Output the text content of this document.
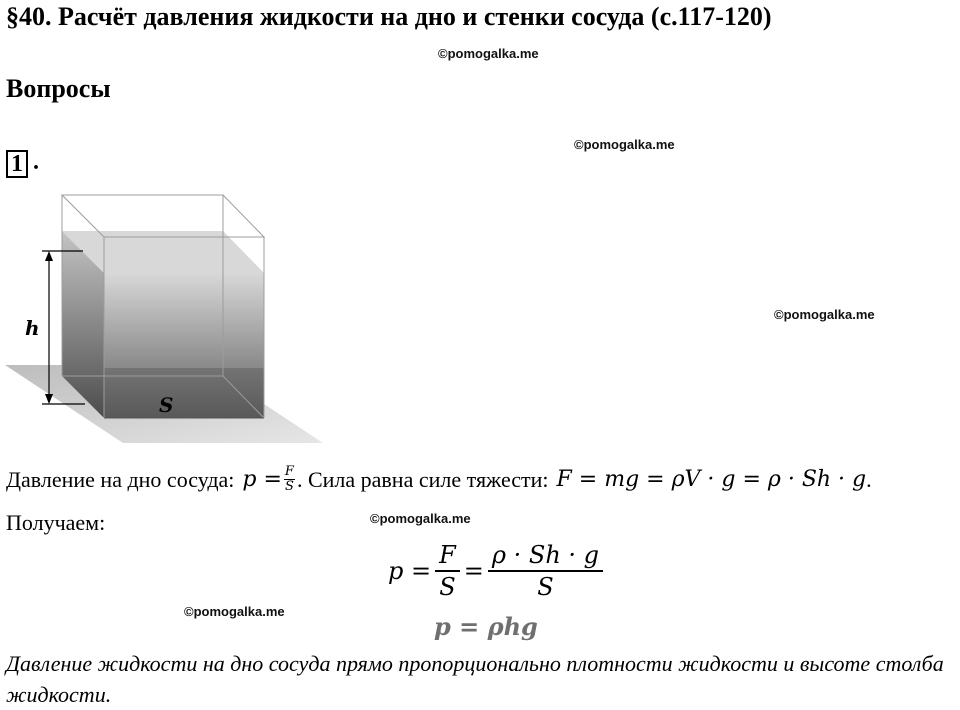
§40. Расчёт давления жидкости на дно и стенки сосуда (с.117-120)
©pomogalka.me
©pomogalka.me
©pomogalka.me
©pomogalka.me
©pomogalka.me
Вопросы
1 .
h
S
Давление на дно сосуда: $p = \frac{F}{S}$ . Сила равна силе тяжести: F = mg = ρV · g = ρ · Sh · g .
Получаем:
$p = \frac{F}{S} = \frac{\rho \cdot Sh \cdot g}{S}$
p = ρhg
Давление жидкости на дно сосуда прямо пропорционально плотности жидкости и высоте столба жидкости.
